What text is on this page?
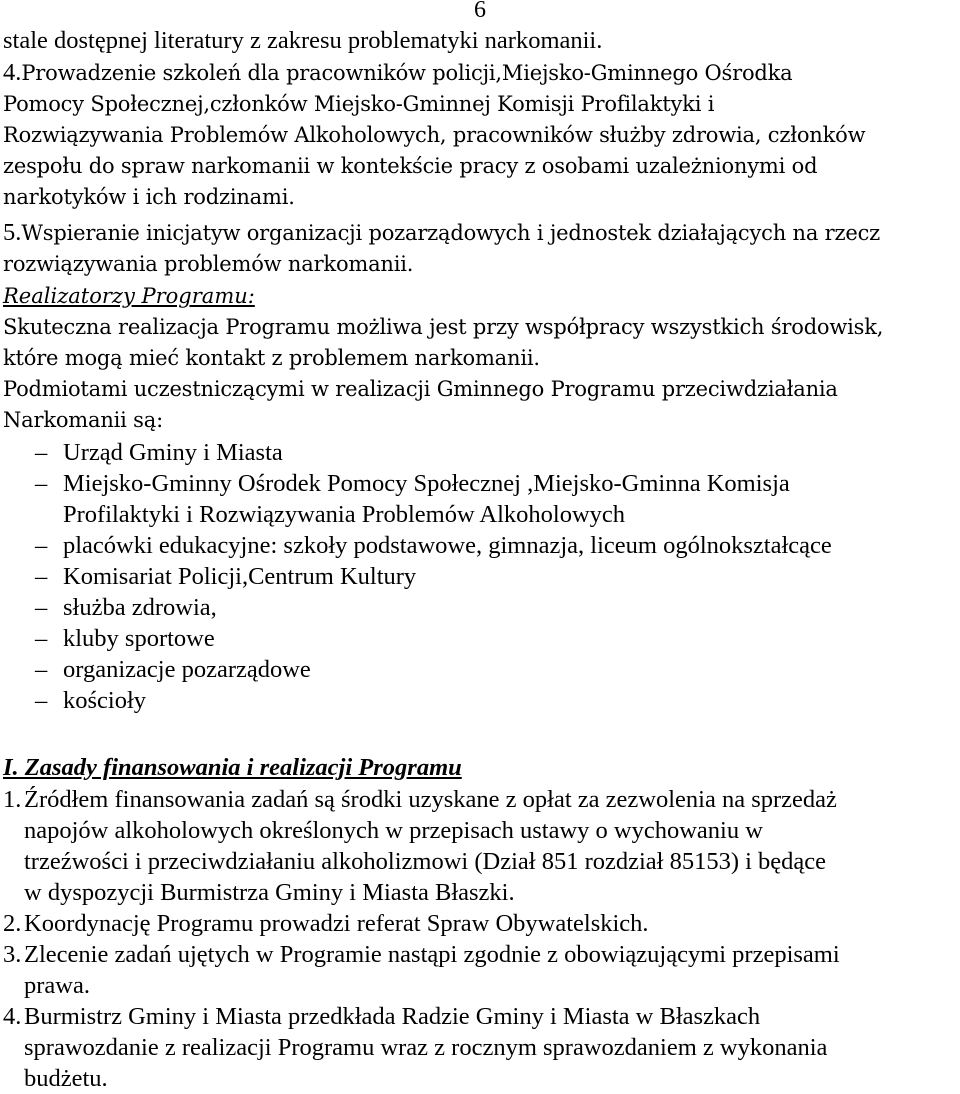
6
stale dostępnej literatury z zakresu problematyki narkomanii.
4.Prowadzenie szkoleń dla pracowników policji,Miejsko-Gminnego Ośrodka
Pomocy Społecznej,członków Miejsko-Gminnej Komisji Profilaktyki i
Rozwiązywania Problemów Alkoholowych, pracowników służby zdrowia, członków
zespołu do spraw narkomanii w kontekście pracy z osobami uzależnionymi od
narkotyków i ich rodzinami.
5.Wspieranie inicjatyw organizacji pozarządowych i jednostek działających na rzecz
rozwiązywania problemów narkomanii.
Realizatorzy Programu:
Skuteczna realizacja Programu możliwa jest przy współpracy wszystkich środowisk,
które mogą mieć kontakt z problemem narkomanii.
Podmiotami uczestniczącymi w realizacji Gminnego Programu przeciwdziałania
Narkomanii są:
– Urząd Gminy i Miasta
– Miejsko-Gminny Ośrodek Pomocy Społecznej ,Miejsko-Gminna Komisja
Profilaktyki i Rozwiązywania Problemów Alkoholowych
– placówki edukacyjne: szkoły podstawowe, gimnazja, liceum ogólnokształcące
– Komisariat Policji,Centrum Kultury
– służba zdrowia,
– kluby sportowe
– organizacje pozarządowe
– kościoły
I. Zasady finansowania i realizacji Programu
1. Źródłem finansowania zadań są środki uzyskane z opłat za zezwolenia na sprzedaż
napojów alkoholowych określonych w przepisach ustawy o wychowaniu w
trzeźwości i przeciwdziałaniu alkoholizmowi (Dział 851 rozdział 85153) i będące
w dyspozycji Burmistrza Gminy i Miasta Błaszki.
2. Koordynację Programu prowadzi referat Spraw Obywatelskich.
3. Zlecenie zadań ujętych w Programie nastąpi zgodnie z obowiązującymi przepisami
prawa.
4. Burmistrz Gminy i Miasta przedkłada Radzie Gminy i Miasta w Błaszkach
sprawozdanie z realizacji Programu wraz z rocznym sprawozdaniem z wykonania
budżetu.
